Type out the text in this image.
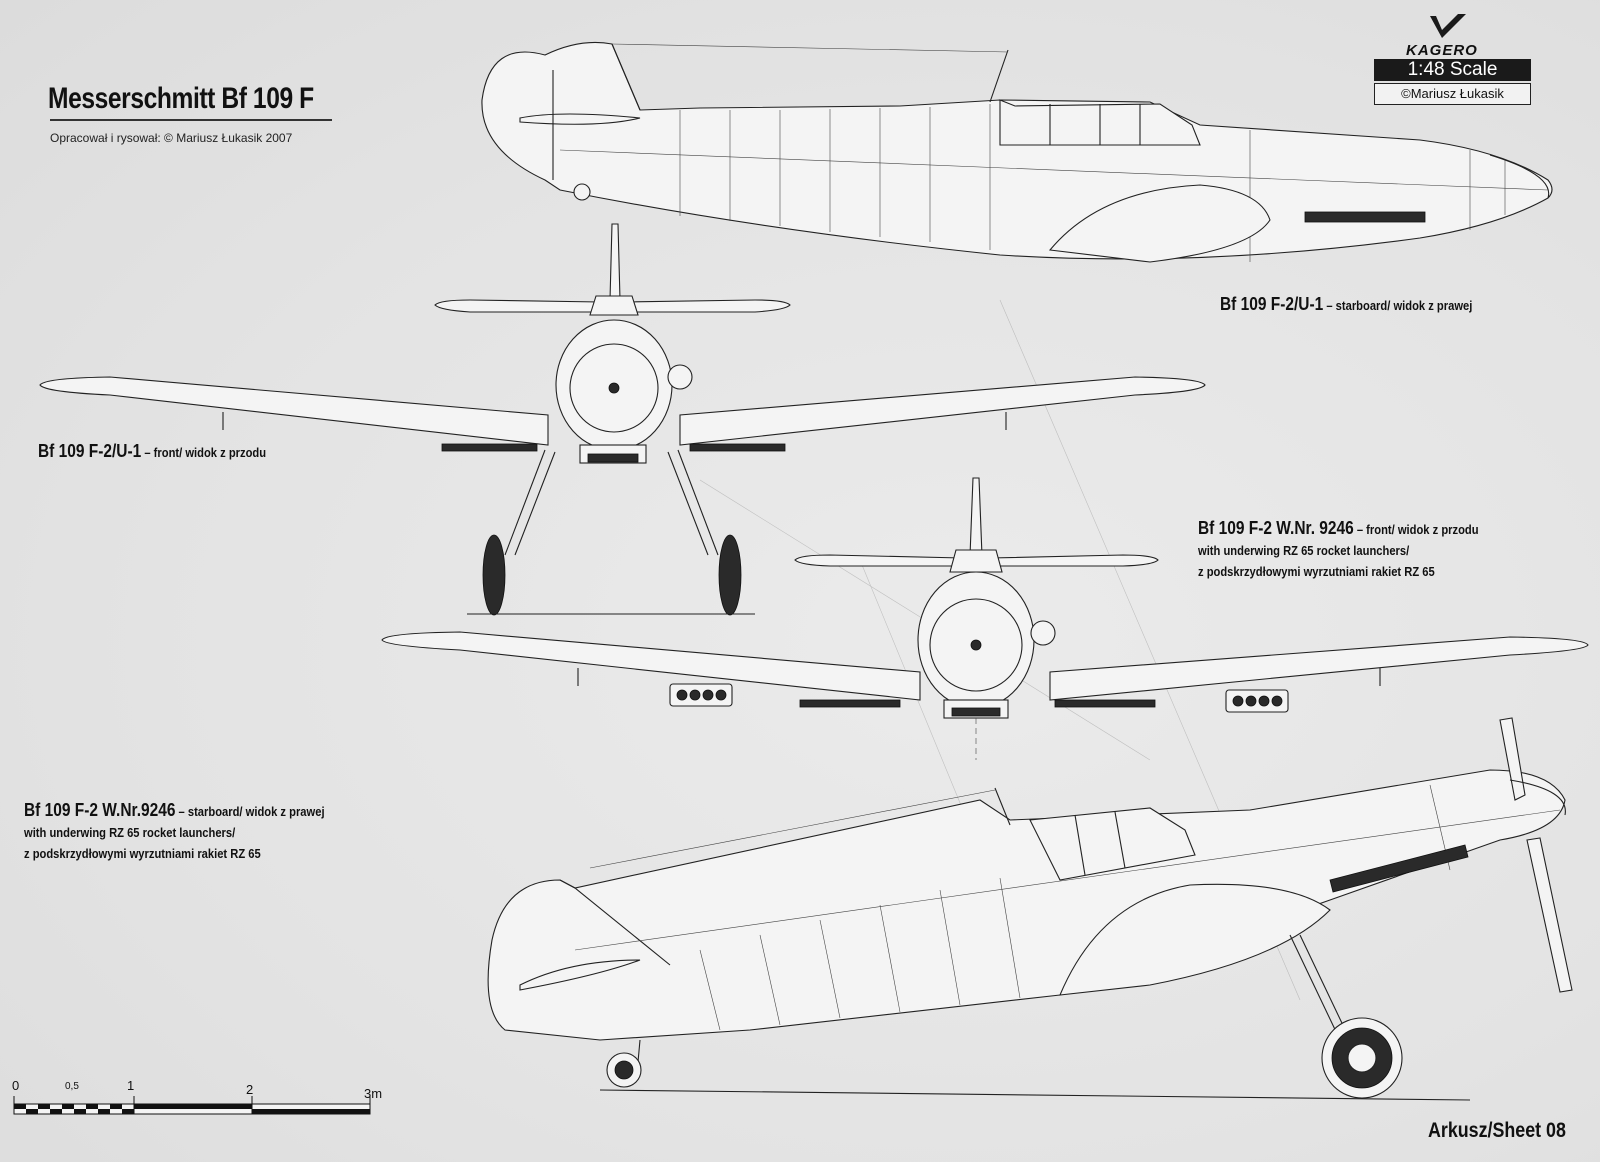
Messerschmitt Bf 109 F
Opracował i rysował: © Mariusz Łukasik 2007
KAGERO
1:48 Scale
©Mariusz Łukasik
Bf 109 F-2/U-1 – starboard/ widok z prawej
Bf 109 F-2/U-1 – front/ widok z przodu
Bf 109 F-2 W.Nr. 9246 – front/ widok z przodu
with underwing RZ 65 rocket launchers/
z podskrzydłowymi wyrzutniami rakiet RZ 65
Bf 109 F-2 W.Nr.9246 – starboard/ widok z prawej
with underwing RZ 65 rocket launchers/
z podskrzydłowymi wyrzutniami rakiet RZ 65
0	0,5	1	2	3m
Arkusz/Sheet 08
